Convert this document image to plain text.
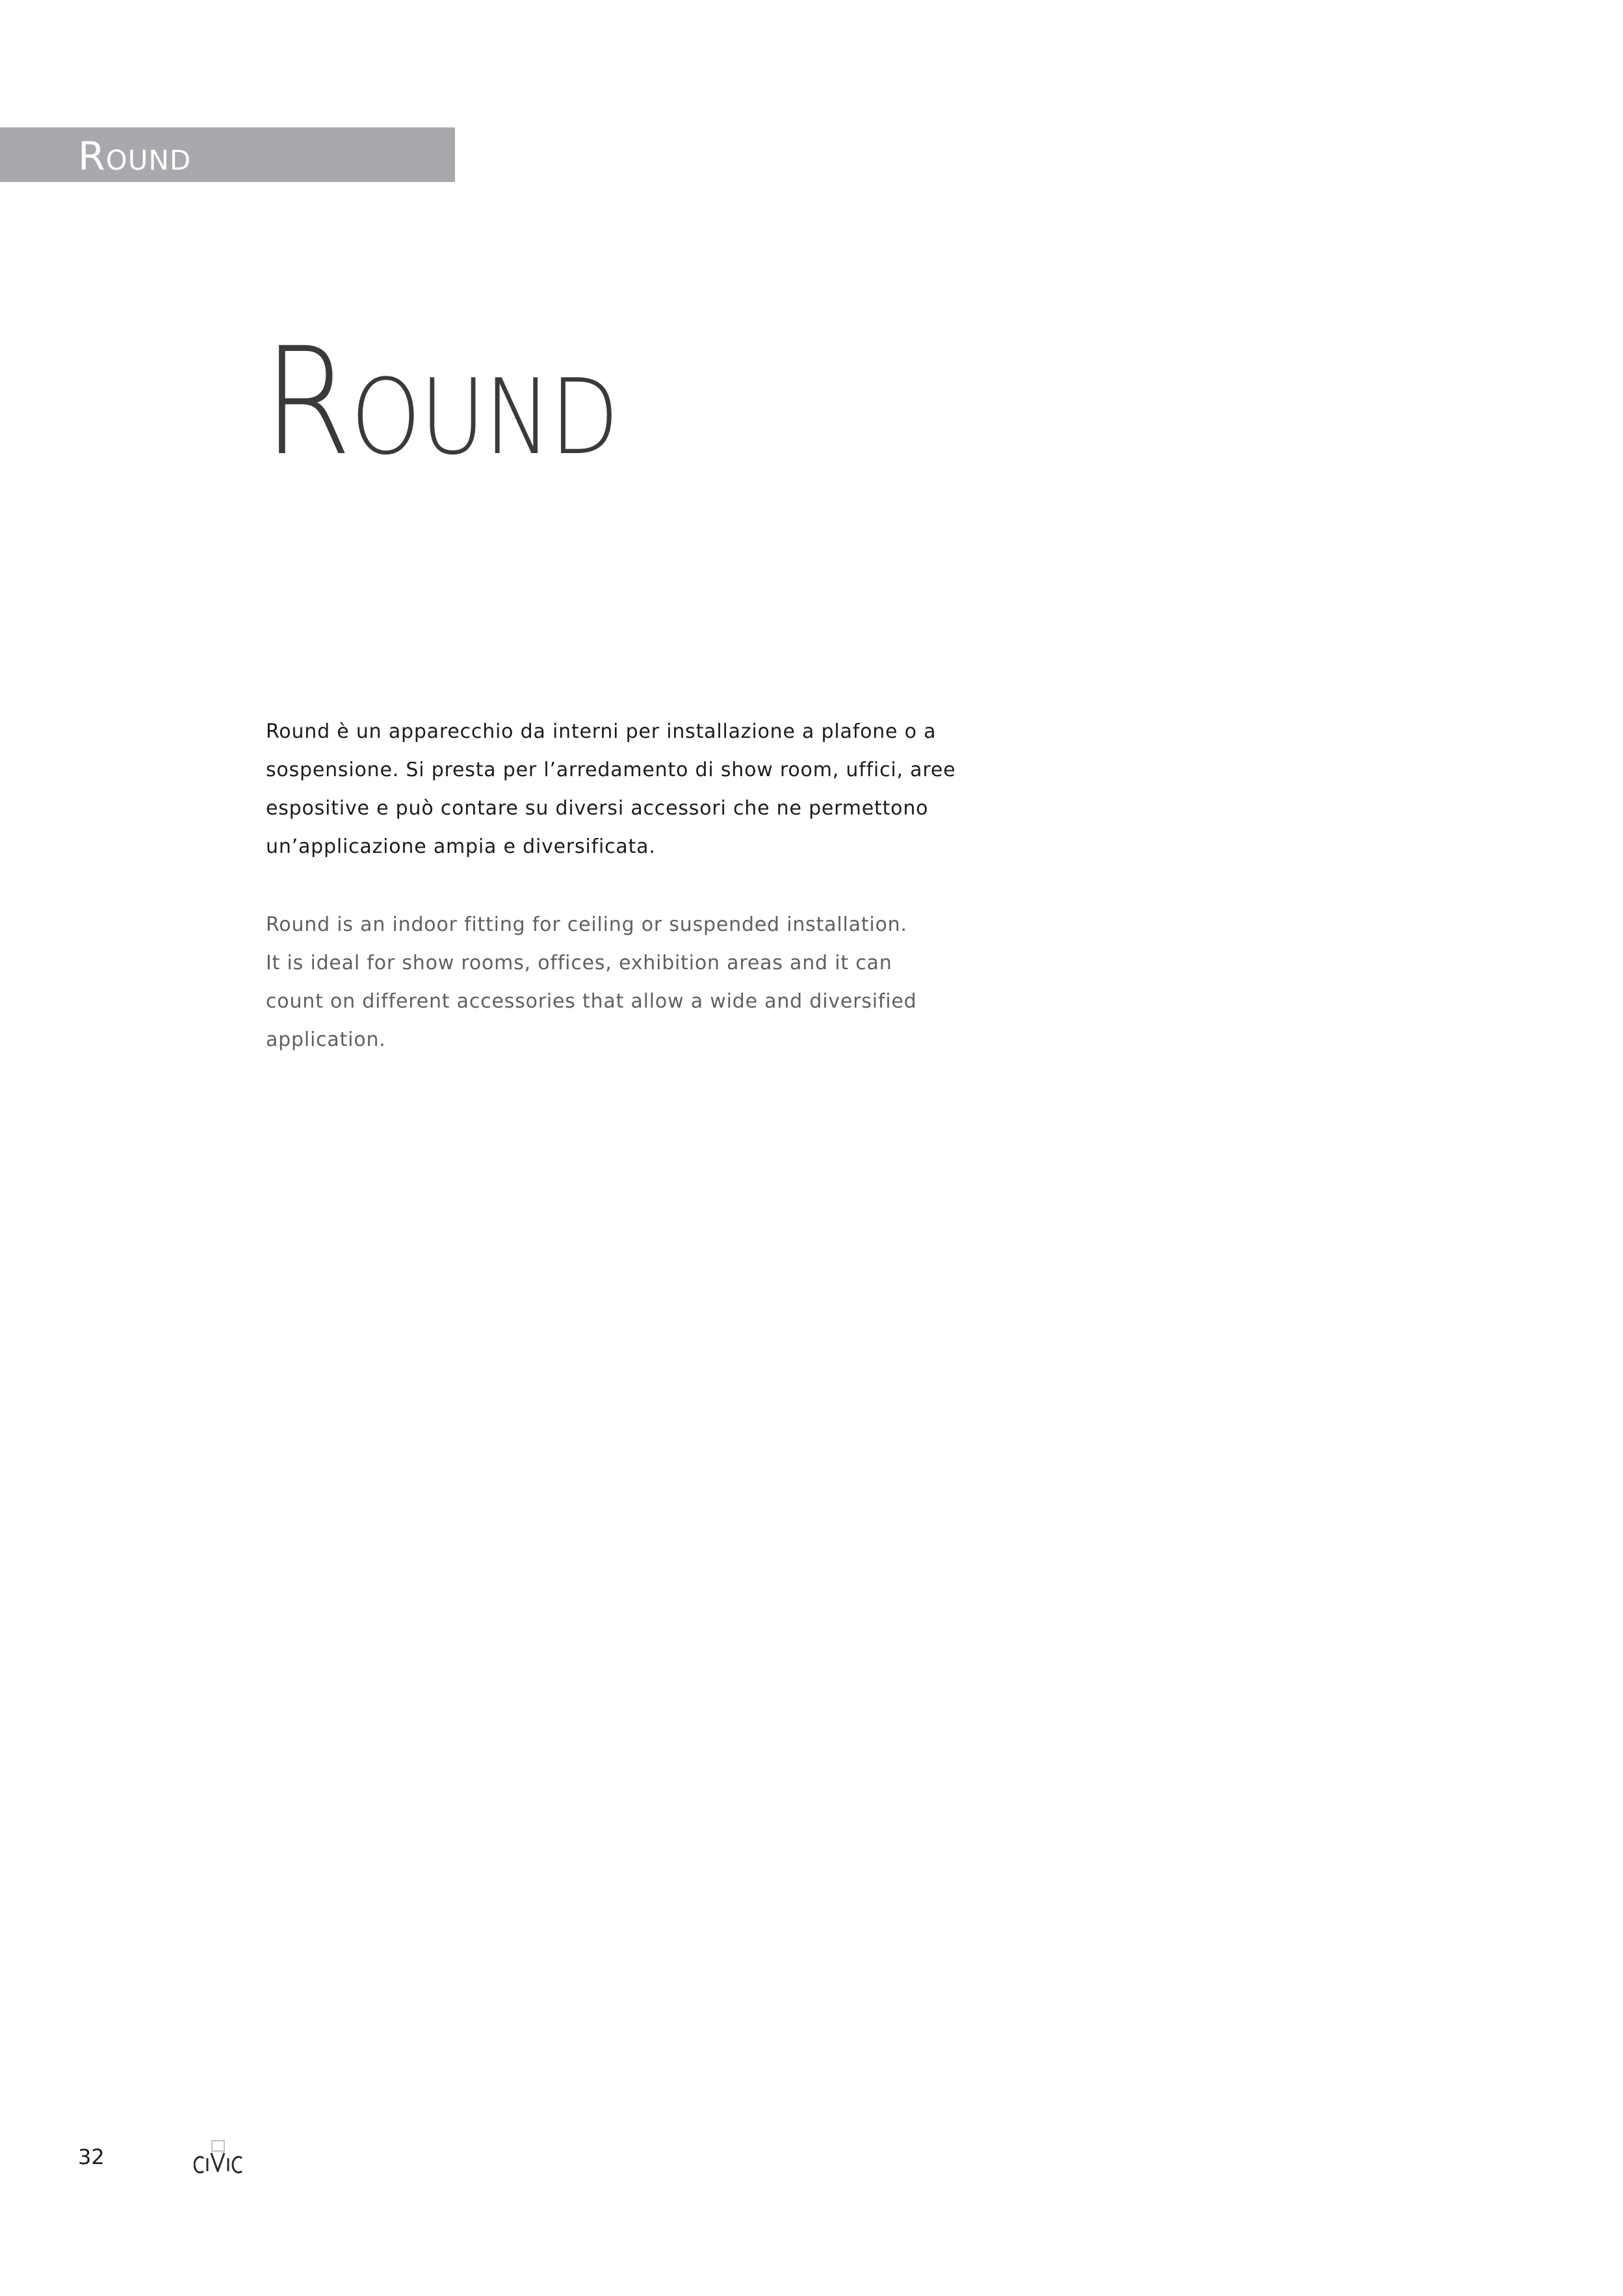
Round
Round
Round è un apparecchio da interni per installazione a plafone o a
sospensione. Si presta per l’arredamento di show room, uffici, aree
espositive e può contare su diversi accessori che ne permettono
un’applicazione ampia e diversificata.
Round is an indoor fitting for ceiling or suspended installation.
It is ideal for show rooms, offices, exhibition areas and it can
count on different accessories that allow a wide and diversified
application.
32
